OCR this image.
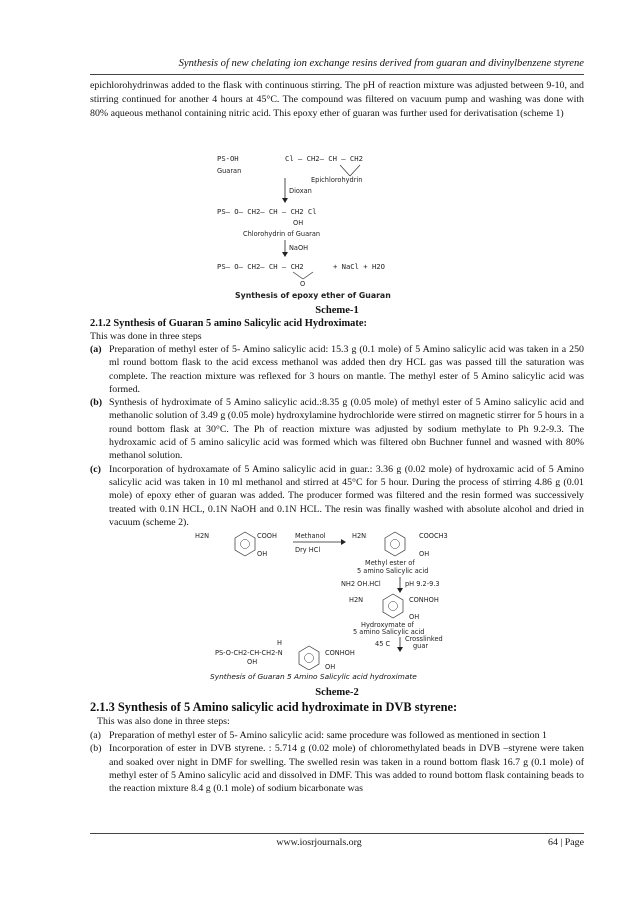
Synthesis of new chelating ion exchange resins derived from guaran and divinylbenzene styrene
epichlorohydrinwas added to the flask with continuous stirring. The pH of reaction mixture was adjusted between 9-10, and stirring continued for another 4 hours at 45°C. The compound was filtered on vacuum pump and washing was done with 80% aqueous methanol containing nitric acid. This epoxy ether of guaran was further used for derivatisation (scheme 1)
PS-OH
Guaran
Cl — CH2— CH — CH2
Epichlorohydrin
Dioxan
PS— O— CH2— CH — CH2 Cl
OH
Chlorohydrin of Guaran
NaOH
PS— O— CH2— CH — CH2	+ NaCl + H2O
O
Synthesis of epoxy ether of Guaran
Scheme-1
2.1.2 Synthesis of Guaran 5 amino Salicylic acid Hydroximate:
This was done in three steps
(a) Preparation of methyl ester of 5- Amino salicylic acid: 15.3 g (0.1 mole) of 5 Amino salicylic acid was taken in a 250 ml round bottom flask to the acid excess methanol was added then dry HCL gas was passed till the saturation was complete. The reaction mixture was reflexed for 3 hours on mantle. The methyl ester of 5 Amino salicylic acid was formed.
(b) Synthesis of hydroximate of 5 Amino salicylic acid.:8.35 g (0.05 mole) of methyl ester of 5 Amino salicylic acid and methanolic solution of 3.49 g (0.05 mole) hydroxylamine hydrochloride were stirred on magnetic stirrer for 5 hours in a round bottom flask at 30°C. The Ph of reaction mixture was adjusted by sodium methylate to Ph 9.2-9.3. The hydroxamic acid of 5 amino salicylic acid was formed which was filtered obn Buchner funnel and wasned with 80% methanol solution.
(c) Incorporation of hydroxamate of 5 Amino salicylic acid in guar.: 3.36 g (0.02 mole) of hydroxamic acid of 5 Amino salicylic acid was taken in 10 ml methanol and stirred at 45°C for 5 hour. During the process of stirring 4.86 g (0.01 mole) of epoxy ether of guaran was added. The producer formed was filtered and the resin formed was successively treated with 0.1N HCL, 0.1N NaOH and 0.1N HCL. The resin was finally washed with absolute alcohol and dried in vacuum (scheme 2).
H2N	COOH
OH
Methanol
Dry HCl
H2N	COOCH3
OH
Methyl ester of
5 amino Salicylic acid
NH2 OH.HCl	pH 9.2-9.3
H2N	CONHOH
OH
Hydroxymate of
5 amino Salicylic acid
45 C
Crosslinked
guar
H
PS-O-CH2-CH-CH2-N
OH
CONHOH
OH
Synthesis of Guaran 5 Amino Salicylic acid hydroximate
Scheme-2
2.1.3 Synthesis of 5 Amino salicylic acid hydroximate in DVB styrene:
This was also done in three steps:
(a) Preparation of methyl ester of 5- Amino salicylic acid: same procedure was followed as mentioned in section 1
(b) Incorporation of ester in DVB styrene. : 5.714 g (0.02 mole) of chloromethylated beads in DVB –styrene were taken and soaked over night in DMF for swelling. The swelled resin was taken in a round bottom flask 16.7 g (0.1 mole) of methyl ester of 5 Amino salicylic acid and dissolved in DMF. This was added to round bottom flask containing beads to the reaction mixture 8.4 g (0.1 mole) of sodium bicarbonate was
www.iosrjournals.org	64 | Page
